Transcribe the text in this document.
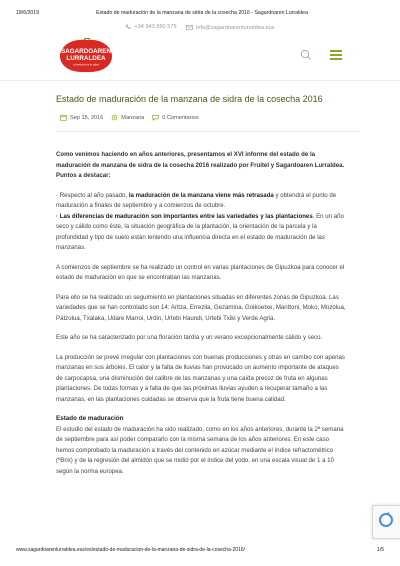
18/6/2019	Estado de maduración de la manzana de sidra de la cosecha 2016 - Sagardoaren Lurraldea
+34 943 550 575
	info@sagardoarenlurraldea.eus
SAGARDOAREN
LURRALDEA
el territorio de la sidra
Estado de maduración de la manzana de sidra de la cosecha 2016
Sep 15, 2016	Manzana	0 Comentarios

Como venimos haciendo en años anteriores, presentamos el XVI informe del estado de la maduración de manzana de sidra de la cosecha 2016 realizado por Fruitel y Sagardoaren Lurraldea. Puntos a destacar:

· Respecto al año pasado, la maduración de la manzana viene más retrasada y obtendrá el punto de maduración a finales de septiembre y a comienzos de octubre.
· Las diferencias de maduración son importantes entre las variedades y las plantaciones. En un año seco y cálido como éste, la situación geográfica de la plantación, la orientación de la parcela y la profundidad y tipo de suelo están teniendo una influencia directa en el estado de maduración de las manzanas.

A comienzos de septiembre se ha realizado un control en varias plantaciones de Gipuzkoa para conocer el estado de maduración en que se encontraban las manzanas.

Para ello se ha realizado un seguimiento en plantaciones situadas en diferentes zonas de Gipuzkoa. Las variedades que se han controlado son 14: Aritza, Errezila, Gezamina, Goikoetxe, Manttoni, Moko, Mozolua, Patzolua, Txalaka, Udare Marroi, Urdin, Urtebi Haundi, Urtebi Txiki y Verde Agria.

Este año se ha caracterizado por una floración tardía y un verano excepcionalmente cálido y seco.

La producción se prevé irregular con plantaciones con buenas producciones y otras en cambio con apenas manzanas en sus árboles. El calor y la falta de lluvias han provocado un aumento importante de ataques de carpocapsa, una disminución del calibre de las manzanas y una caída precoz de fruta en algunas plantaciones. De todas formas y a falta de que las próximas lluvias ayuden a recuperar tamaño a las manzanas, en las plantaciones cuidadas se observa que la fruta tiene buena calidad.

Estado de maduración

El estudio del estado de maduración ha sido realizado, como en los años anteriores, durante la 2ª semana de septiembre para así poder compararlo con la misma semana de los años anteriores. En este caso hemos comprobado la maduración a través del contenido en azúcar mediante el índice refractométrico (ºBrix) y de la regresión del almidón que se midió por el índice del yodo, en una escala visual de 1 a 10 según la norma europea.

www.sagardoarenlurraldea.eus/es/estado-de-maduracion-de-la-manzana-de-sidra-de-la-cosecha-2016/	1/5
